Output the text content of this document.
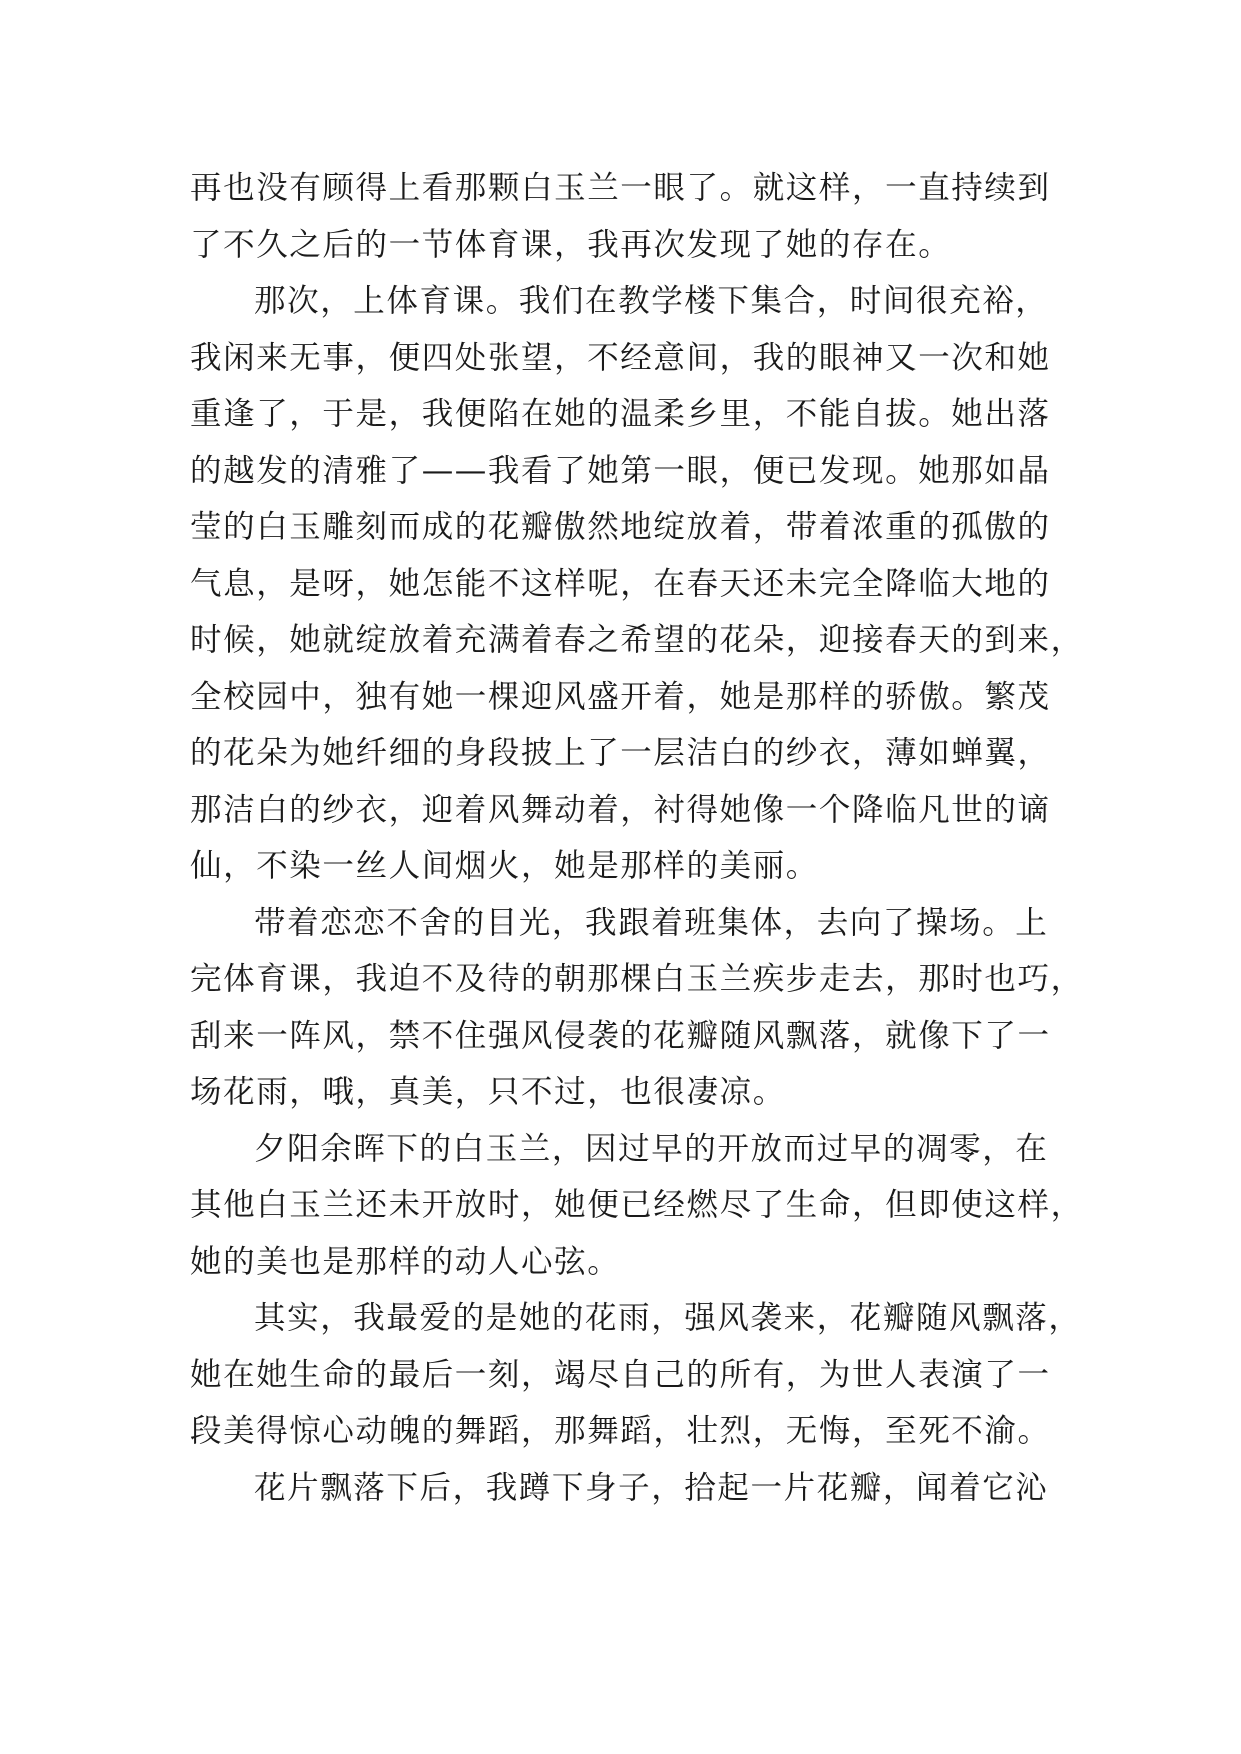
再也没有顾得上看那颗白玉兰一眼了。就这样，一直持续到
了不久之后的一节体育课，我再次发现了她的存在。
那次，上体育课。我们在教学楼下集合，时间很充裕，
我闲来无事，便四处张望，不经意间，我的眼神又一次和她
重逢了，于是，我便陷在她的温柔乡里，不能自拔。她出落
的越发的清雅了——我看了她第一眼，便已发现。她那如晶
莹的白玉雕刻而成的花瓣傲然地绽放着，带着浓重的孤傲的
气息，是呀，她怎能不这样呢，在春天还未完全降临大地的
时候，她就绽放着充满着春之希望的花朵，迎接春天的到来，
全校园中，独有她一棵迎风盛开着，她是那样的骄傲。繁茂
的花朵为她纤细的身段披上了一层洁白的纱衣，薄如蝉翼，
那洁白的纱衣，迎着风舞动着，衬得她像一个降临凡世的谪
仙，不染一丝人间烟火，她是那样的美丽。
带着恋恋不舍的目光，我跟着班集体，去向了操场。上
完体育课，我迫不及待的朝那棵白玉兰疾步走去，那时也巧，
刮来一阵风，禁不住强风侵袭的花瓣随风飘落，就像下了一
场花雨，哦，真美，只不过，也很凄凉。
夕阳余晖下的白玉兰，因过早的开放而过早的凋零，在
其他白玉兰还未开放时，她便已经燃尽了生命，但即使这样，
她的美也是那样的动人心弦。
其实，我最爱的是她的花雨，强风袭来，花瓣随风飘落，
她在她生命的最后一刻，竭尽自己的所有，为世人表演了一
段美得惊心动魄的舞蹈，那舞蹈，壮烈，无悔，至死不渝。
花片飘落下后，我蹲下身子，拾起一片花瓣，闻着它沁
